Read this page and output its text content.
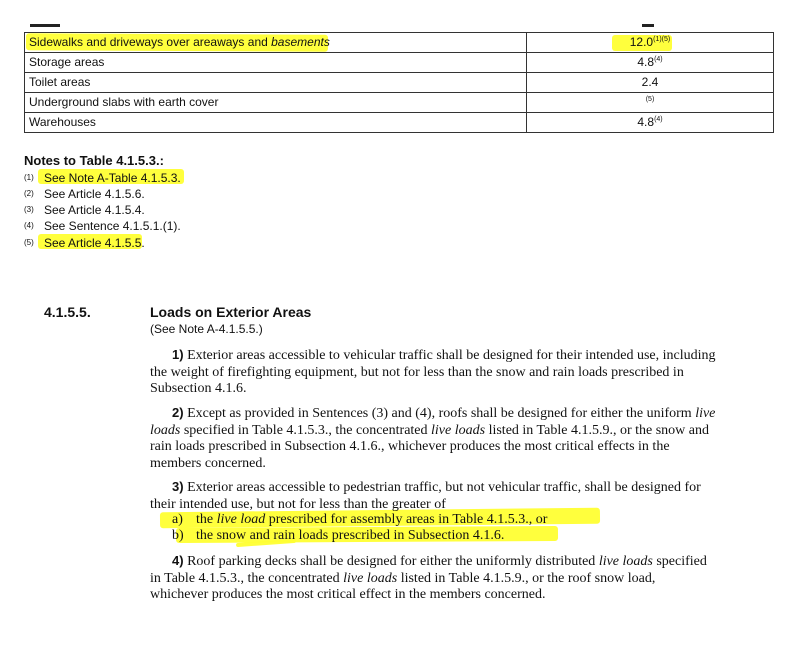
Sidewalks and driveways over areaways and basements	$12.0^{(1)(5)}$
Storage areas	4.8$^{(4)}$
Toilet areas	2.4
Underground slabs with earth cover	$^{(5)}$
Warehouses	4.8$^{(4)}$
Notes to Table 4.1.5.3.:
(1) See Note A-Table 4.1.5.3.
(2) See Article 4.1.5.6.
(3) See Article 4.1.5.4.
(4) See Sentence 4.1.5.1.(1).
(5) See Article 4.1.5.5.
4.1.5.5.	Loads on Exterior Areas
(See Note A-4.1.5.5.)
1) Exterior areas accessible to vehicular traffic shall be designed for their intended use, including the weight of firefighting equipment, but not for less than the snow and rain loads prescribed in Subsection 4.1.6.
2) Except as provided in Sentences (3) and (4), roofs shall be designed for either the uniform live loads specified in Table 4.1.5.3., the concentrated live loads listed in Table 4.1.5.9., or the snow and rain loads prescribed in Subsection 4.1.6., whichever produces the most critical effects in the members concerned.
3) Exterior areas accessible to pedestrian traffic, but not vehicular traffic, shall be designed for their intended use, but not for less than the greater of
a) the live load prescribed for assembly areas in Table 4.1.5.3., or
b) the snow and rain loads prescribed in Subsection 4.1.6.
4) Roof parking decks shall be designed for either the uniformly distributed live loads specified in Table 4.1.5.3., the concentrated live loads listed in Table 4.1.5.9., or the roof snow load, whichever produces the most critical effect in the members concerned.
